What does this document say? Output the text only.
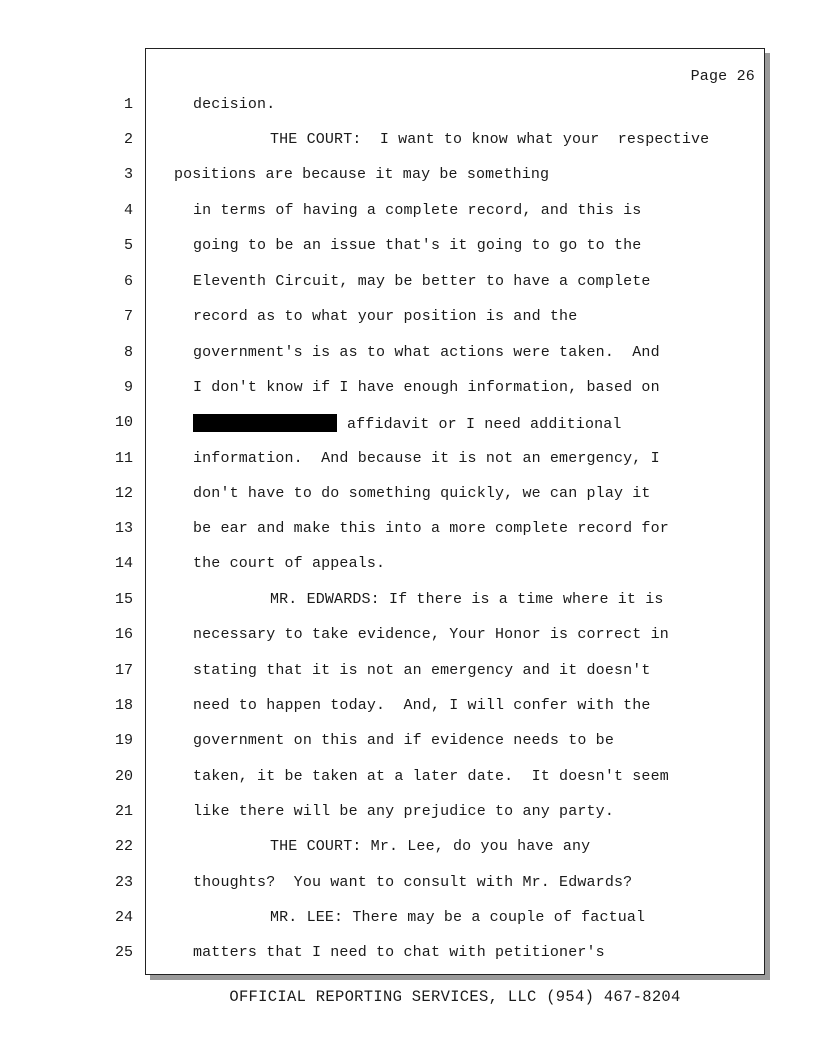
Page 26
1	decision.
2	THE COURT:  I want to know what your  respective
3	positions are because it may be something
4	in terms of having a complete record, and this is
5	going to be an issue that's it going to go to the
6	Eleventh Circuit, may be better to have a complete
7	record as to what your position is and the
8	government's is as to what actions were taken.  And
9	I don't know if I have enough information, based on
10	affidavit or I need additional
11	information.  And because it is not an emergency, I
12	don't have to do something quickly, we can play it
13	be ear and make this into a more complete record for
14	the court of appeals.
15	MR. EDWARDS: If there is a time where it is
16	necessary to take evidence, Your Honor is correct in
17	stating that it is not an emergency and it doesn't
18	need to happen today.  And, I will confer with the
19	government on this and if evidence needs to be
20	taken, it be taken at a later date.  It doesn't seem
21	like there will be any prejudice to any party.
22	THE COURT: Mr. Lee, do you have any
23	thoughts?  You want to consult with Mr. Edwards?
24	MR. LEE: There may be a couple of factual
25	matters that I need to chat with petitioner's
OFFICIAL REPORTING SERVICES, LLC (954) 467-8204
